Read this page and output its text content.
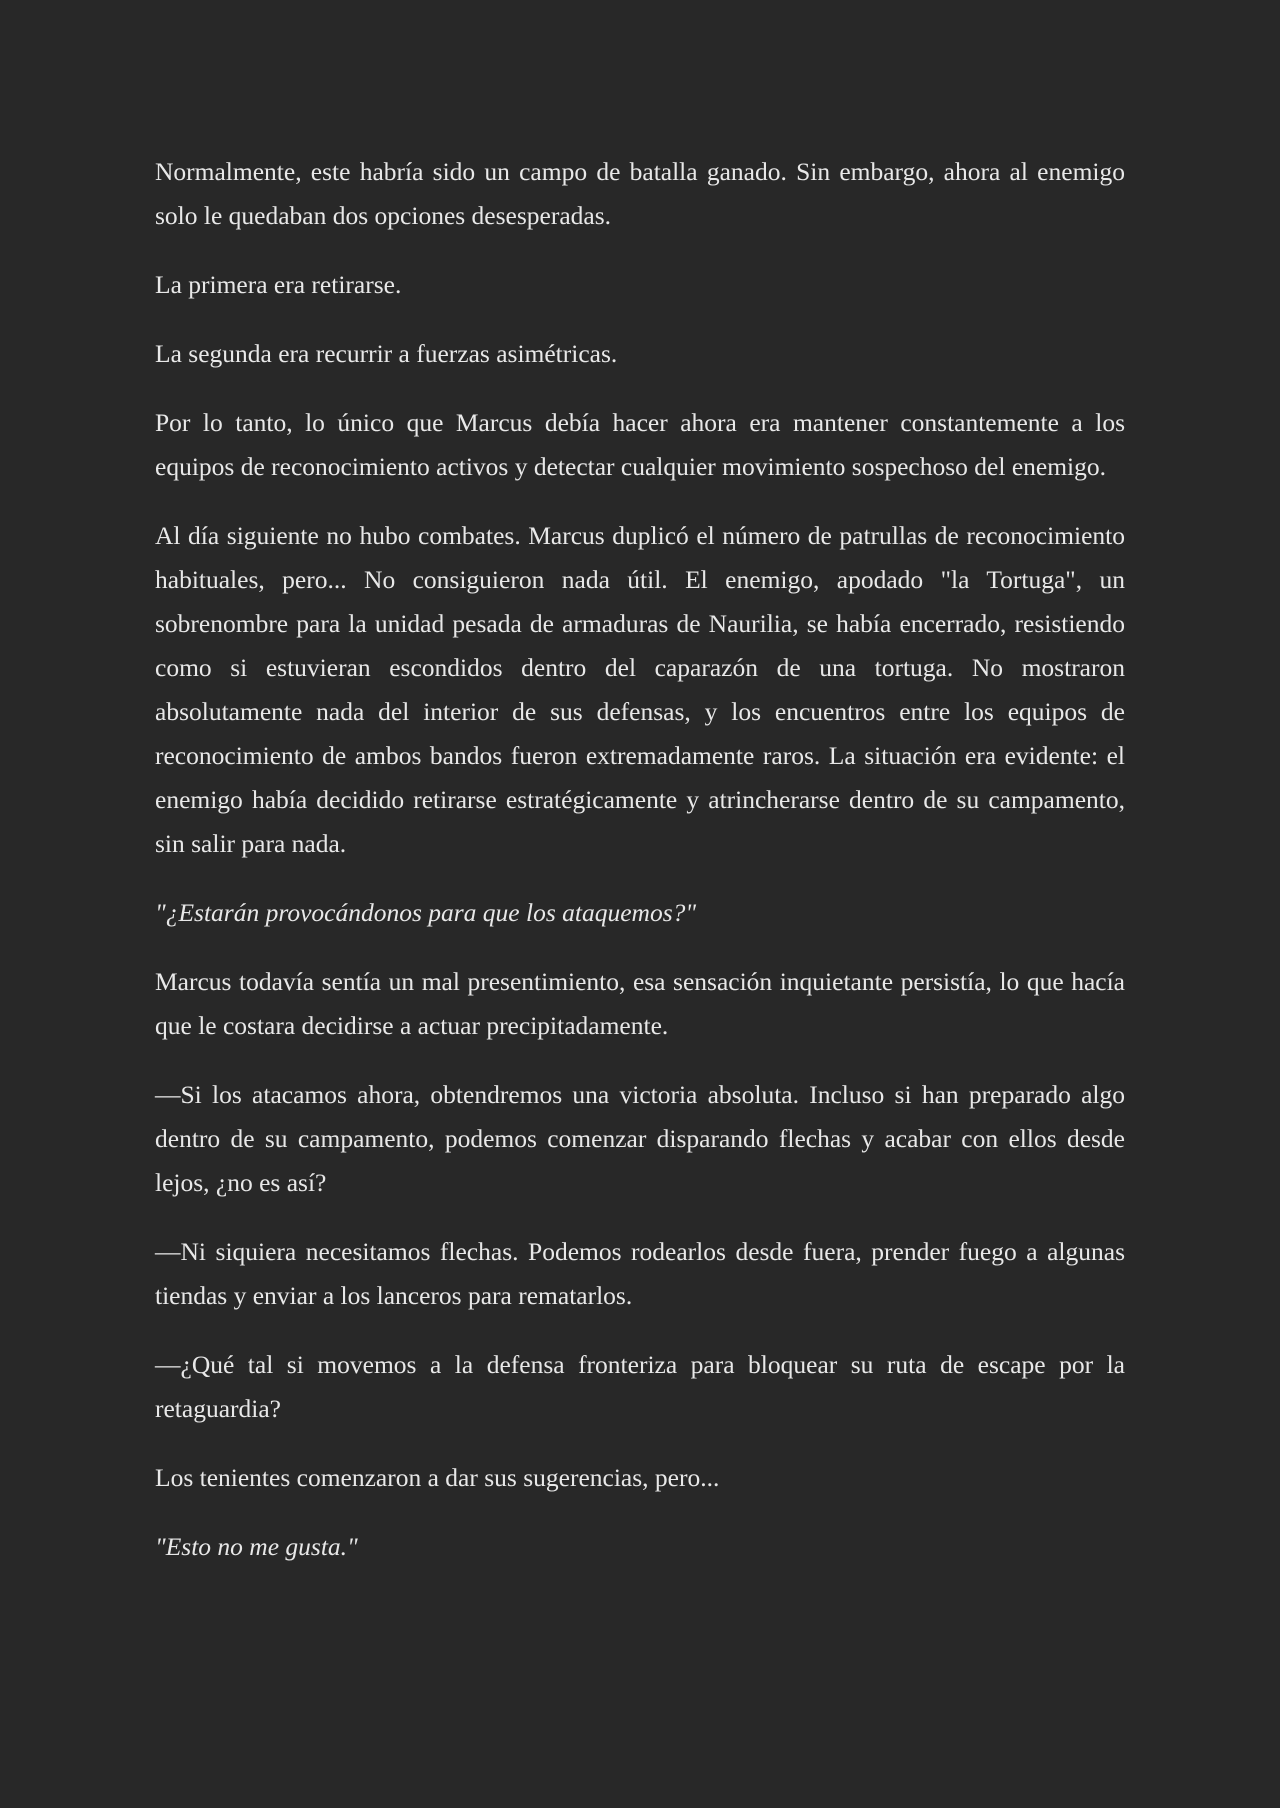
Normalmente, este habría sido un campo de batalla ganado. Sin embargo, ahora al enemigo solo le quedaban dos opciones desesperadas.

La primera era retirarse.

La segunda era recurrir a fuerzas asimétricas.

Por lo tanto, lo único que Marcus debía hacer ahora era mantener constantemente a los equipos de reconocimiento activos y detectar cualquier movimiento sospechoso del enemigo.

Al día siguiente no hubo combates. Marcus duplicó el número de patrullas de reconocimiento habituales, pero... No consiguieron nada útil. El enemigo, apodado "la Tortuga", un sobrenombre para la unidad pesada de armaduras de Naurilia, se había encerrado, resistiendo como si estuvieran escondidos dentro del caparazón de una tortuga. No mostraron absolutamente nada del interior de sus defensas, y los encuentros entre los equipos de reconocimiento de ambos bandos fueron extremadamente raros. La situación era evidente: el enemigo había decidido retirarse estratégicamente y atrincherarse dentro de su campamento, sin salir para nada.

"¿Estarán provocándonos para que los ataquemos?"

Marcus todavía sentía un mal presentimiento, esa sensación inquietante persistía, lo que hacía que le costara decidirse a actuar precipitadamente.

—Si los atacamos ahora, obtendremos una victoria absoluta. Incluso si han preparado algo dentro de su campamento, podemos comenzar disparando flechas y acabar con ellos desde lejos, ¿no es así?

—Ni siquiera necesitamos flechas. Podemos rodearlos desde fuera, prender fuego a algunas tiendas y enviar a los lanceros para rematarlos.

—¿Qué tal si movemos a la defensa fronteriza para bloquear su ruta de escape por la retaguardia?

Los tenientes comenzaron a dar sus sugerencias, pero...

"Esto no me gusta."
